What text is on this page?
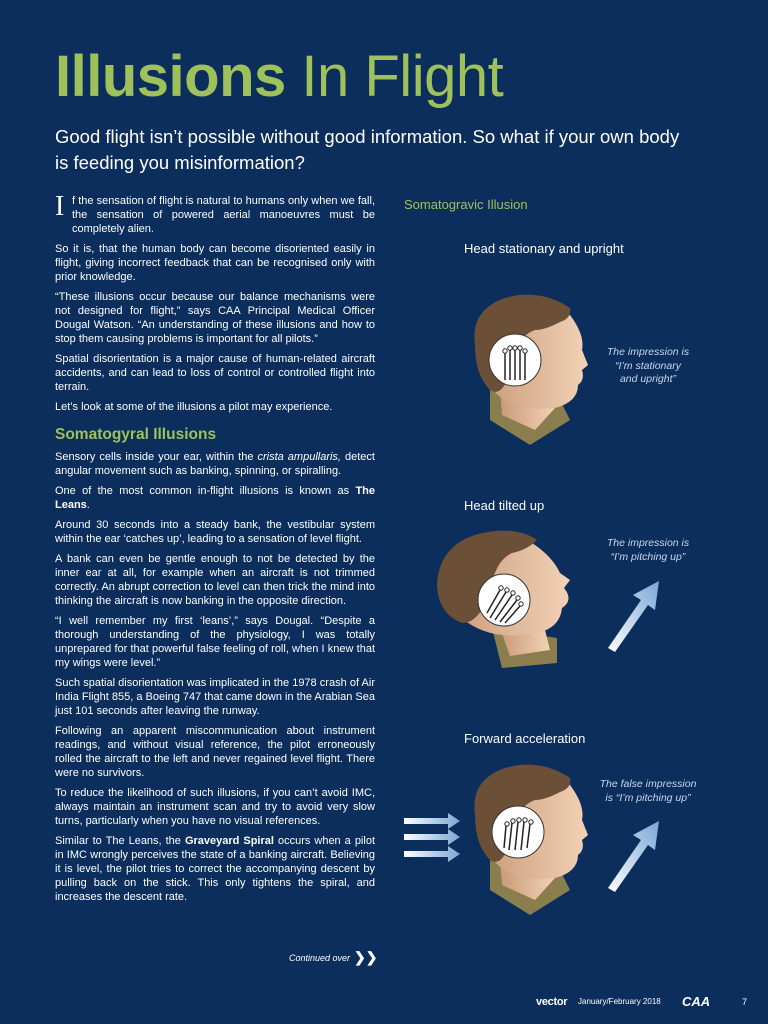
Illusions In Flight

Good flight isn’t possible without good information. So what if your own body is feeding you misinformation?

I f the sensation of flight is natural to humans only when we fall, the sensation of powered aerial manoeuvres must be completely alien.

So it is, that the human body can become disoriented easily in flight, giving incorrect feedback that can be recognised only with prior knowledge.

“These illusions occur because our balance mechanisms were not designed for flight,” says CAA Principal Medical Officer Dougal Watson. “An understanding of these illusions and how to stop them causing problems is important for all pilots.”

Spatial disorientation is a major cause of human-related aircraft accidents, and can lead to loss of control or controlled flight into terrain.

Let’s look at some of the illusions a pilot may experience.

Somatogyral Illusions

Sensory cells inside your ear, within the crista ampullaris, detect angular movement such as banking, spinning, or spiralling.

One of the most common in-flight illusions is known as The Leans.

Around 30 seconds into a steady bank, the vestibular system within the ear ‘catches up’, leading to a sensation of level flight.

A bank can even be gentle enough to not be detected by the inner ear at all, for example when an aircraft is not trimmed correctly. An abrupt correction to level can then trick the mind into thinking the aircraft is now banking in the opposite direction.

“I well remember my first ‘leans’,” says Dougal. “Despite a thorough understanding of the physiology, I was totally unprepared for that powerful false feeling of roll, when I knew that my wings were level.”

Such spatial disorientation was implicated in the 1978 crash of Air India Flight 855, a Boeing 747 that came down in the Arabian Sea just 101 seconds after leaving the runway.

Following an apparent miscommunication about instrument readings, and without visual reference, the pilot erroneously rolled the aircraft to the left and never regained level flight. There were no survivors.

To reduce the likelihood of such illusions, if you can’t avoid IMC, always maintain an instrument scan and try to avoid very slow turns, particularly when you have no visual references.

Similar to The Leans, the Graveyard Spiral occurs when a pilot in IMC wrongly perceives the state of a banking aircraft. Believing it is level, the pilot tries to correct the accompanying descent by pulling back on the stick. This only tightens the spiral, and increases the descent rate.

Continued over ❯❯
Somatogravic Illusion
Head stationary and upright
The impression is
“I’m stationary
and upright”
Head tilted up
The impression is
“I’m pitching up”
Forward acceleration
The false impression
is “I’m pitching up”
vector January/February 2018 CAA	7
